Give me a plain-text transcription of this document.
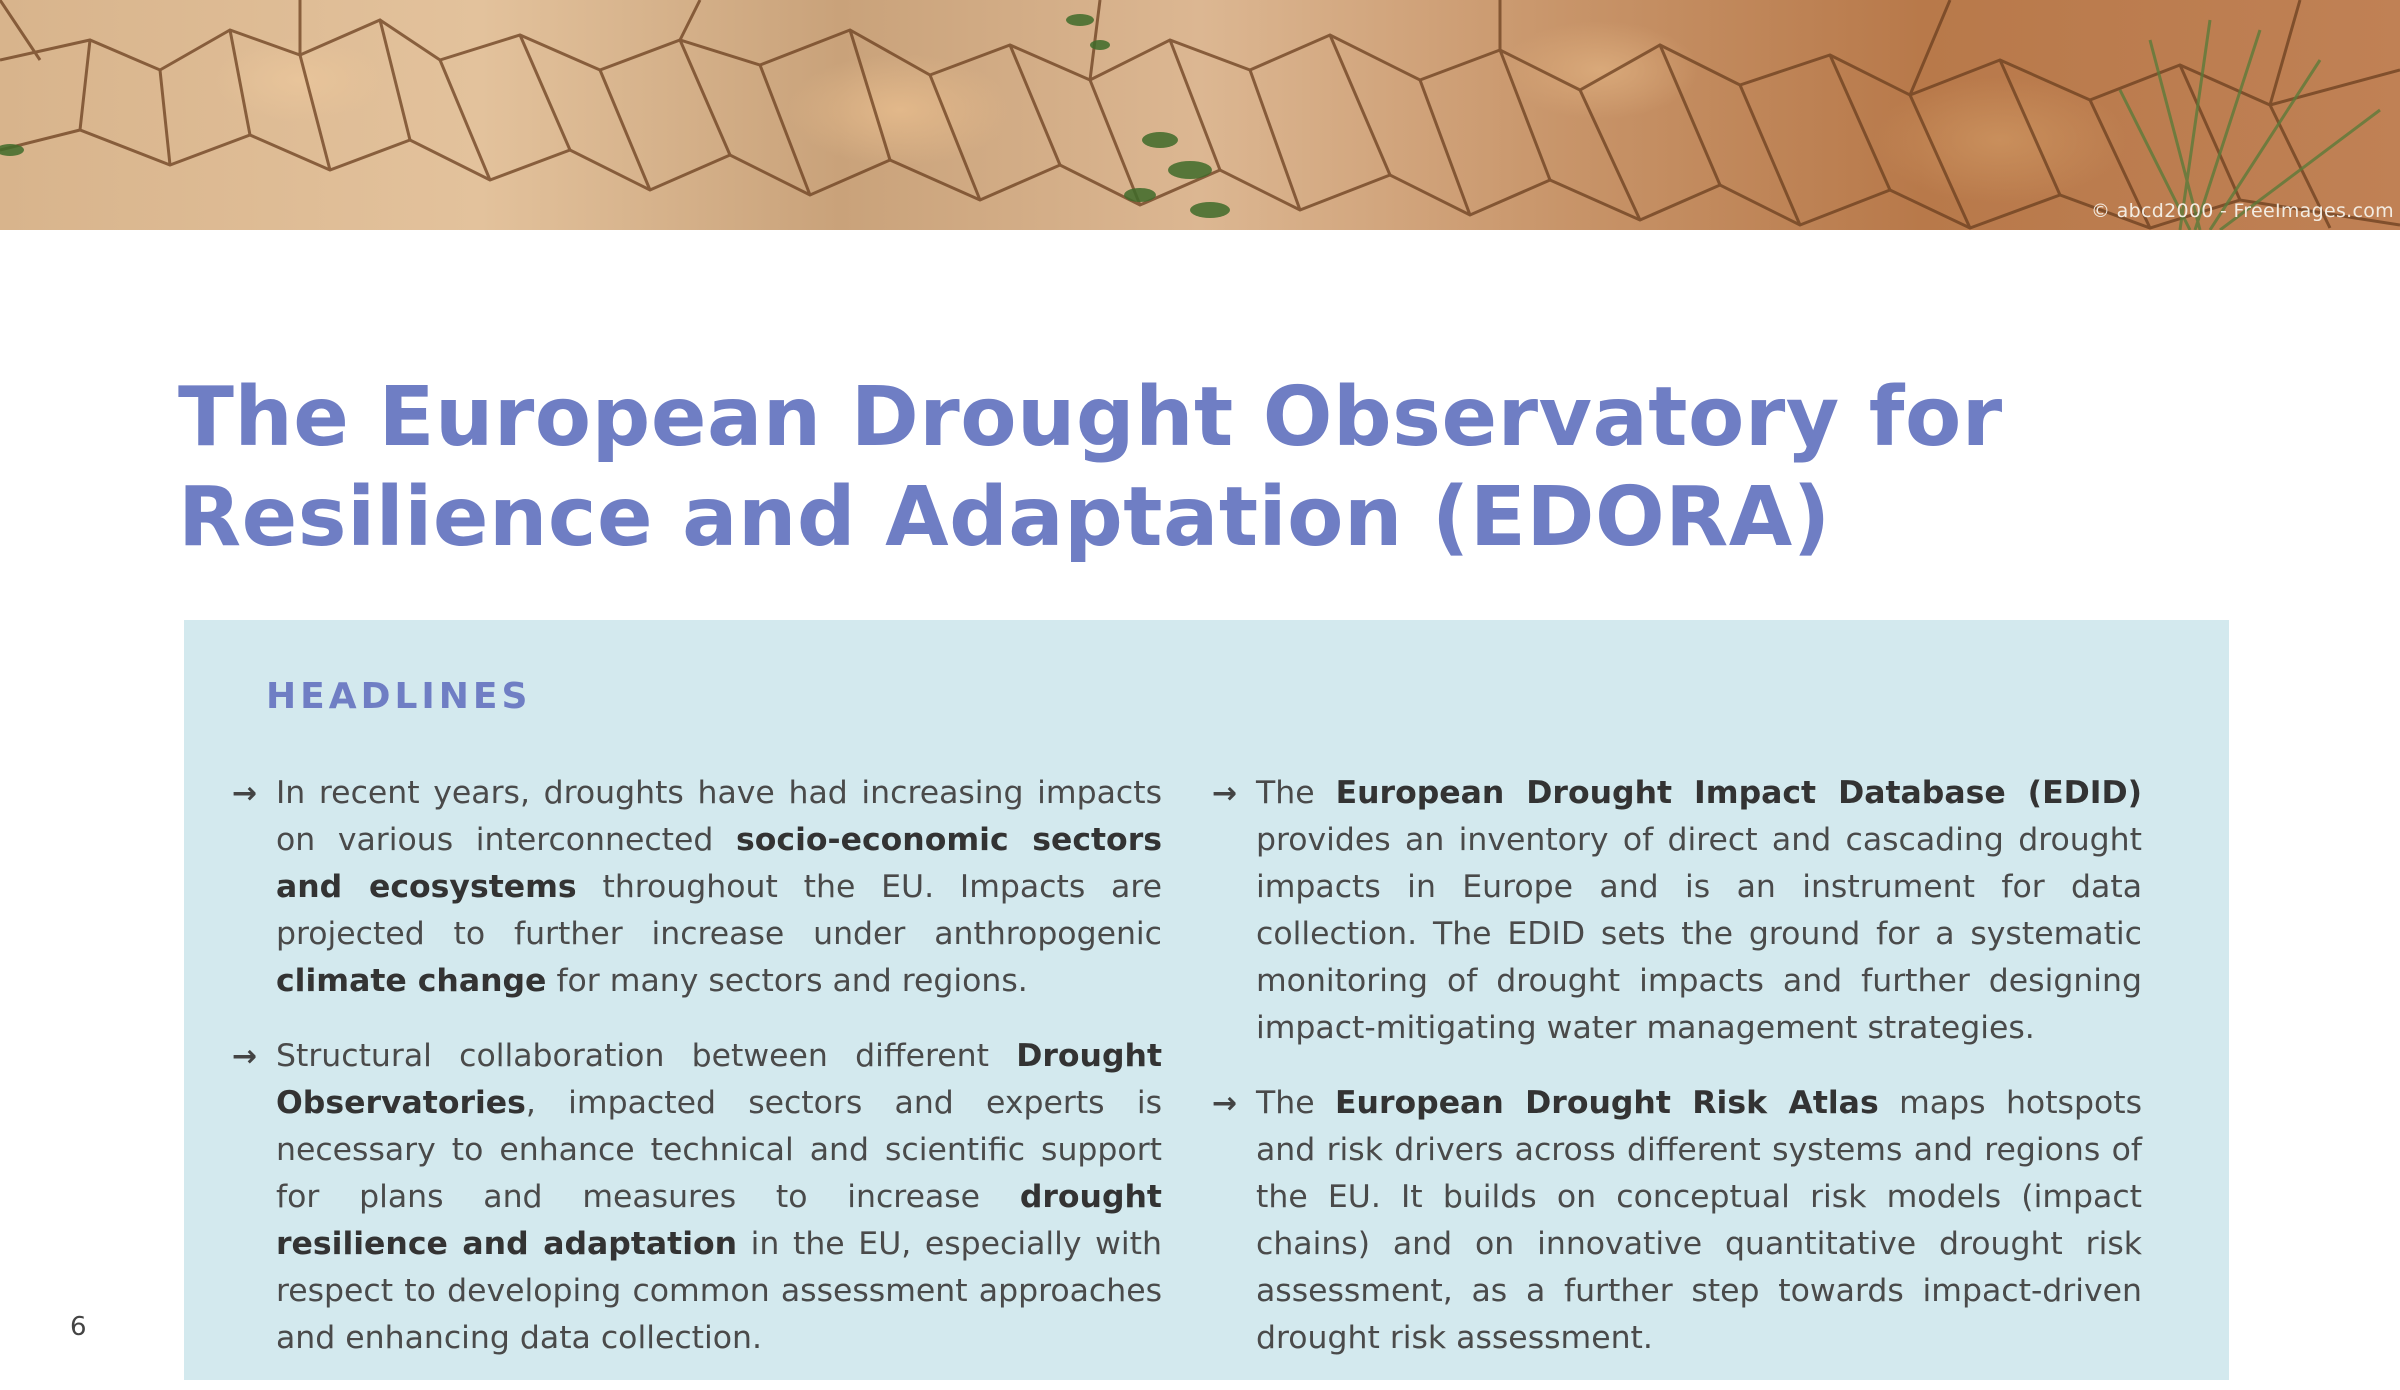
© abcd2000 - FreeImages.com
The European Drought Observatory for
Resilience and Adaptation (EDORA)
HEADLINES
→ In recent years, droughts have had increasing impacts on various interconnected socio-economic sectors and ecosystems throughout the EU. Impacts are projected to further increase under anthropogenic climate change for many sectors and regions.
→ Structural collaboration between different Drought Observatories, impacted sectors and experts is necessary to enhance technical and scientific support for plans and measures to increase drought resilience and adaptation in the EU, especially with respect to developing common assessment approaches and enhancing data collection.
→ The European Drought Impact Database (EDID) provides an inventory of direct and cascading drought impacts in Europe and is an instrument for data collection. The EDID sets the ground for a systematic monitoring of drought impacts and further designing impact-mitigating water management strategies.
→ The European Drought Risk Atlas maps hotspots and risk drivers across different systems and regions of the EU. It builds on conceptual risk models (impact chains) and on innovative quantitative drought risk assessment, as a further step towards impact-driven drought risk assessment.
6
